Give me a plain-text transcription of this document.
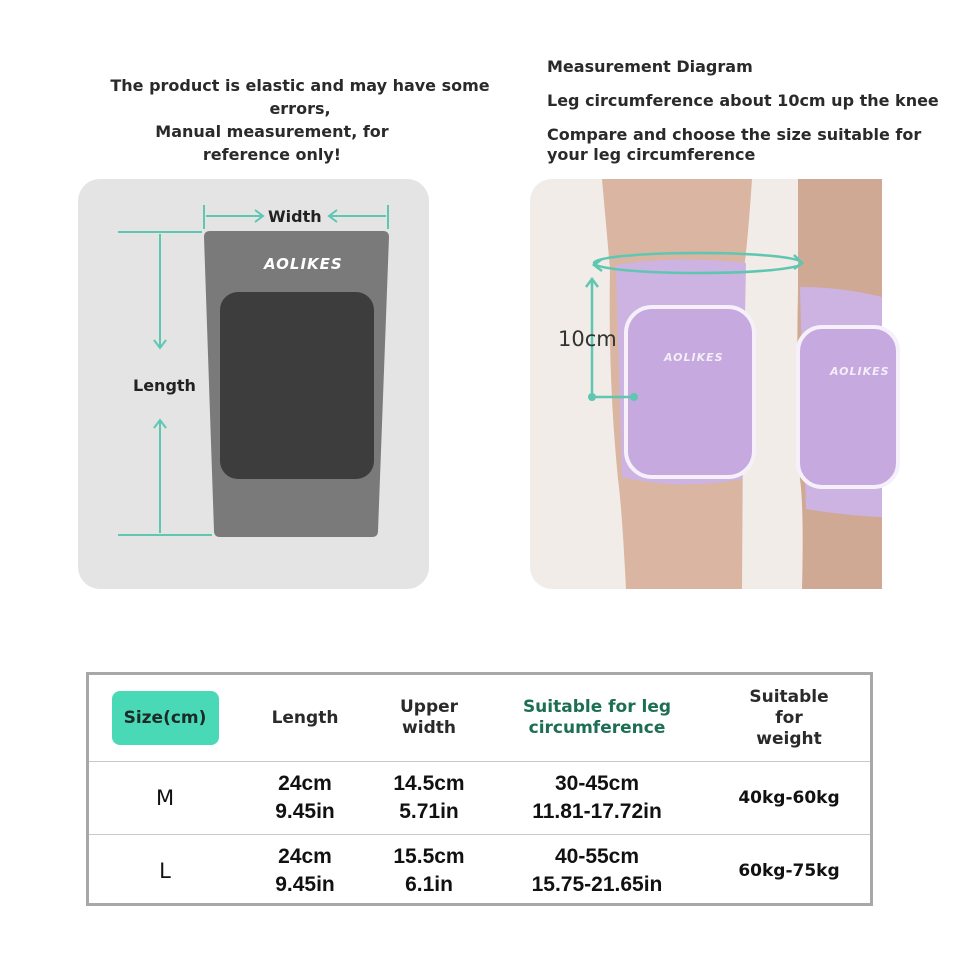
The product is elastic and may have some errors,
Manual measurement, for reference only!
Measurement Diagram
Leg circumference about 10cm up the knee
Compare and choose the size suitable for your leg circumference
Width
Length
AOLIKES
10cm
AOLIKES
AOLIKES
Size(cm)	Length
Upper width
Suitable for leg circumference
Suitable for weight
M
24cm
9.45in
14.5cm
5.71in
30-45cm
11.81-17.72in
40kg-60kg
L
24cm
9.45in
15.5cm
6.1in
40-55cm
15.75-21.65in
60kg-75kg
